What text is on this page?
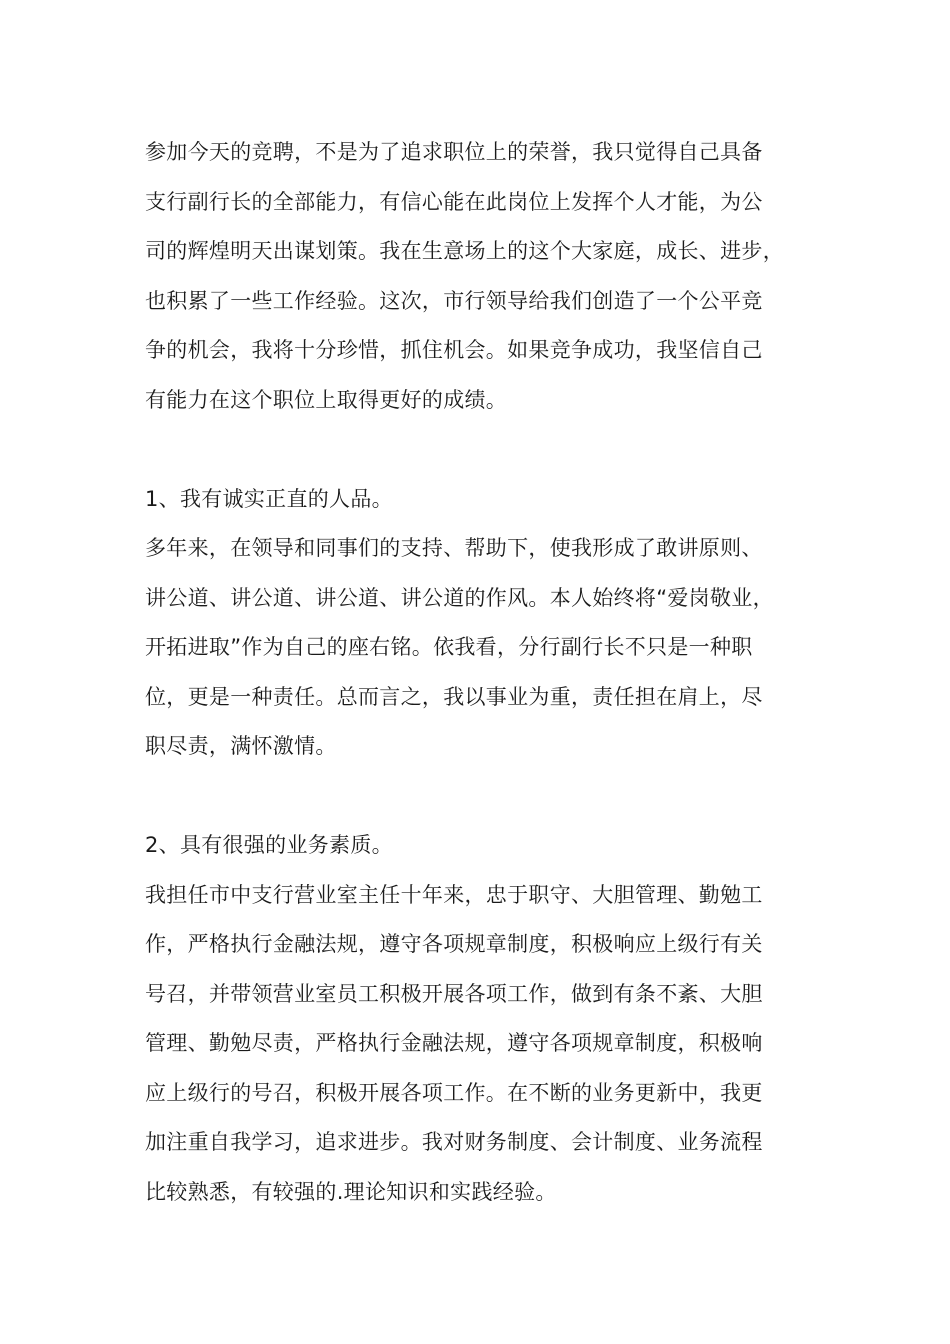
参加今天的竞聘，不是为了追求职位上的荣誉，我只觉得自己具备
支行副行长的全部能力，有信心能在此岗位上发挥个人才能，为公
司的辉煌明天出谋划策。我在生意场上的这个大家庭，成长、进步，
也积累了一些工作经验。这次，市行领导给我们创造了一个公平竞
争的机会，我将十分珍惜，抓住机会。如果竞争成功，我坚信自己
有能力在这个职位上取得更好的成绩。
1、我有诚实正直的人品。
多年来，在领导和同事们的支持、帮助下，使我形成了敢讲原则、
讲公道、讲公道、讲公道、讲公道的作风。本人始终将“爱岗敬业，
开拓进取”作为自己的座右铭。依我看，分行副行长不只是一种职
位，更是一种责任。总而言之，我以事业为重，责任担在肩上，尽
职尽责，满怀激情。
2、具有很强的业务素质。
我担任市中支行营业室主任十年来，忠于职守、大胆管理、勤勉工
作，严格执行金融法规，遵守各项规章制度，积极响应上级行有关
号召，并带领营业室员工积极开展各项工作，做到有条不紊、大胆
管理、勤勉尽责，严格执行金融法规，遵守各项规章制度，积极响
应上级行的号召，积极开展各项工作。在不断的业务更新中，我更
加注重自我学习，追求进步。我对财务制度、会计制度、业务流程
比较熟悉，有较强的.理论知识和实践经验。
